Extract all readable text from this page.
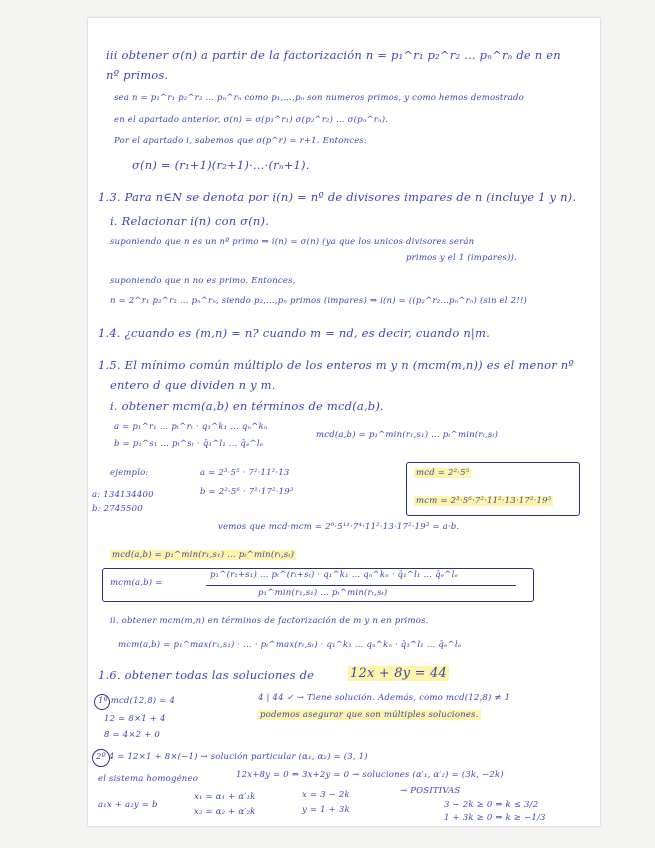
iii obtener σ(n) a partir de la factorización n = p₁^r₁ p₂^r₂ … pₙ^rₙ de n en
nº primos.
sea n = p₁^r₁ p₂^r₂ … pₙ^rₙ como p₁,…,pₙ son numeros primos, y como hemos demostrado
en el apartado anterior, σ(n) = σ(p₁^r₁) σ(p₂^r₂) … σ(pₙ^rₙ).
Por el apartado i, sabemos que σ(p^r) = r+1. Entonces:
σ(n) = (r₁+1)(r₂+1)·…·(rₙ+1).
1.3. Para n∈N se denota por i(n) = nº de divisores impares de n (incluye 1 y n).
i. Relacionar i(n) con σ(n).
suponiendo que n es un nº primo ⇒ i(n) = σ(n) (ya que los unicos divisores serán
primos y el 1 (impares)).
suponiendo que n no es primo. Entonces,
n = 2^r₁ p₂^r₂ … pₙ^rₙ, siendo p₂,…,pₙ primos (impares) ⇒ i(n) = ((p₂^r₂…pₙ^rₙ) (sin el 2!!)
1.4. ¿cuando es (m,n) = n? cuando m = nd, es decir, cuando n|m.
1.5. El mínimo común múltiplo de los enteros m y n (mcm(m,n)) es el menor nº
entero d que dividen n y m.
i. obtener mcm(a,b) en términos de mcd(a,b).
a = p₁^r₁ … pₜ^rₜ · q₁^k₁ … qₙ^kₙ
b = p₁^s₁ … pₜ^sₜ · q̄₁^l₁ … q̄ₑ^lₑ
mcd(a,b) = p₁^min(r₁,s₁) … pₜ^min(rₜ,sₜ)
ejemplo:	a = 2³·5⁵ · 7²·11²·13
b = 2²·5⁶ · 7²·17²·19³
mcd = 2²·5⁵
mcm = 2³·5⁶·7²·11²·13·17²·19³
a: 134134400
b: 2745500
vemos que mcd·mcm = 2⁶·5¹¹·7⁴·11²·13·17²·19³ = a·b.
mcd(a,b) = p₁^min(r₁,s₁) … pₜ^min(rₜ,sₜ)
mcm(a,b) =
p₁^(r₁+s₁) … pₜ^(rₜ+sₜ) · q₁^k₁ … qₙ^kₙ · q̄₁^l₁ … q̄ₑ^lₑ
p₁^min(r₁,s₁) … pₜ^min(rₜ,sₜ)
ii. obtener mcm(m,n) en términos de factorización de m y n en primos.
mcm(a,b) = p₁^max(r₁,s₁) · … · pₜ^max(rₜ,sₜ) · q₁^k₁ … qₙ^kₙ · q̄₁^l₁ … q̄ₑ^lₑ
1.6. obtener todas las soluciones de	12x + 8y = 44
1º mcd(12,8) = 4	4 | 44 ✓ → Tiene solución. Además, como mcd(12,8) ≠ 1
podemos asegurar que son múltiples soluciones.
12 = 8×1 + 4
8 = 4×2 + 0
2º 4 = 12×1 + 8×(−1) → solución particular (α₁, α₂) = (3, 1)
el sistema homogéneo	12x+8y = 0 ⇔ 3x+2y = 0 → soluciones (α′₁, α′₂) = (3k, −2k)
a₁x + a₂y = b
x₁ = α₁ + α′₁k
x₂ = α₂ + α′₂k
x = 3 − 2k
y = 1 + 3k
→ POSITIVAS
3 − 2k ≥ 0 ⇒ k ≤ 3/2
1 + 3k ≥ 0 ⇒ k ≥ −1/3
